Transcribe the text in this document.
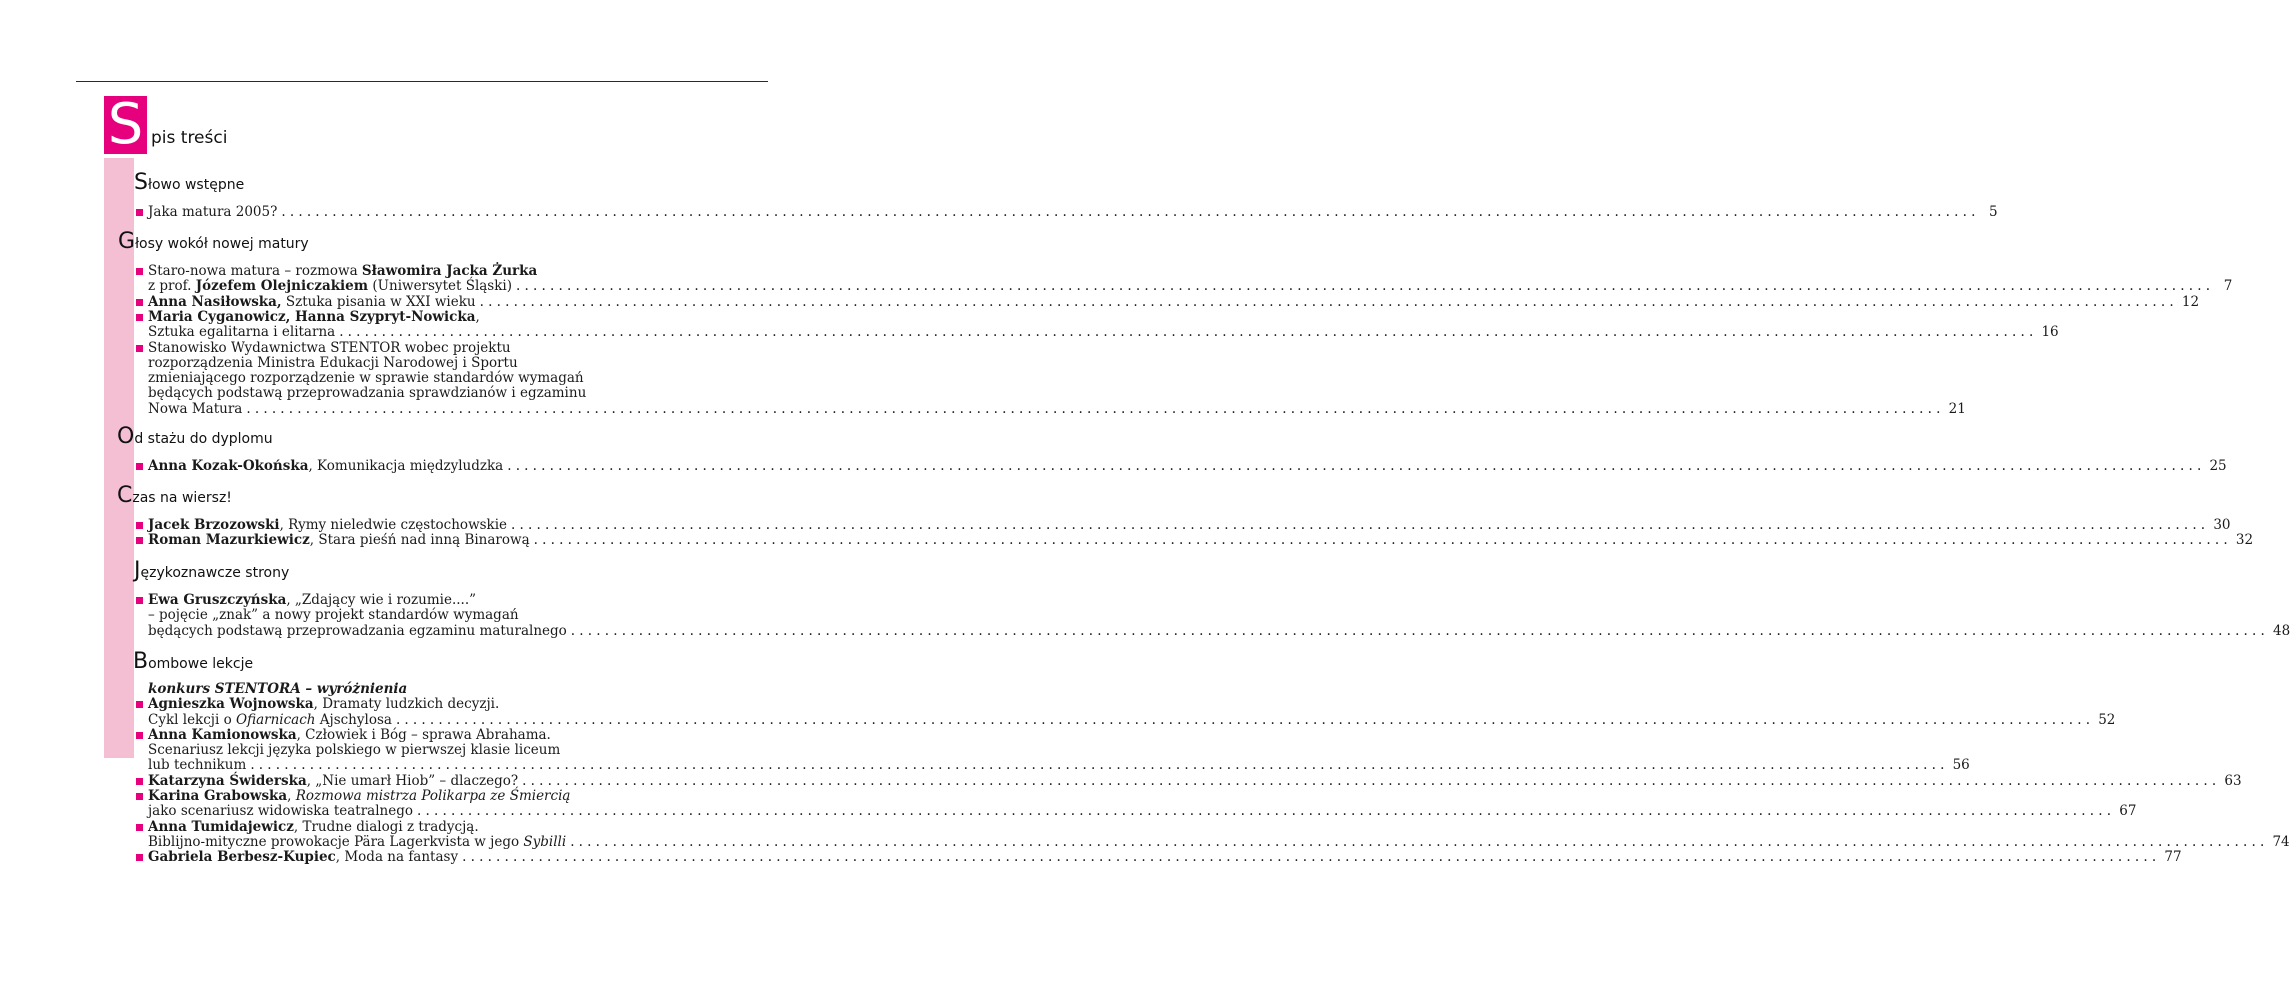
S pis treści
Słowo wstępne
Jaka matura 2005? ........................................................................................................................................................................................................ 5
Głosy wokół nowej matury
Staro-nowa matura – rozmowa Sławomira Jacka Żurka
z prof. Józefem Olejniczakiem (Uniwersytet Śląski) ........................................................................................................................................................................................................ 7
Anna Nasiłowska, Sztuka pisania w XXI wieku ........................................................................................................................................................................................................ 12
Maria Cyganowicz, Hanna Szypryt-Nowicka,
Sztuka egalitarna i elitarna ........................................................................................................................................................................................................ 16
Stanowisko Wydawnictwa STENTOR wobec projektu
rozporządzenia Ministra Edukacji Narodowej i Sportu
zmieniającego rozporządzenie w sprawie standardów wymagań
będących podstawą przeprowadzania sprawdzianów i egzaminu
Nowa Matura ........................................................................................................................................................................................................ 21
Od stażu do dyplomu
Anna Kozak-Okońska, Komunikacja międzyludzka ........................................................................................................................................................................................................ 25
Czas na wiersz!
Jacek Brzozowski, Rymy nieledwie częstochowskie ........................................................................................................................................................................................................ 30
Roman Mazurkiewicz, Stara pieśń nad inną Binarową ........................................................................................................................................................................................................ 32
Językoznawcze strony
Ewa Gruszczyńska, „Zdający wie i rozumie....”
– pojęcie „znak” a nowy projekt standardów wymagań
będących podstawą przeprowadzania egzaminu maturalnego ........................................................................................................................................................................................................ 48
Bombowe lekcje
konkurs STENTORA – wyróżnienia
Agnieszka Wojnowska, Dramaty ludzkich decyzji.
Cykl lekcji o Ofiarnicach Ajschylosa ........................................................................................................................................................................................................ 52
Anna Kamionowska, Człowiek i Bóg – sprawa Abrahama.
Scenariusz lekcji języka polskiego w pierwszej klasie liceum
lub technikum ........................................................................................................................................................................................................ 56
Katarzyna Świderska, „Nie umarł Hiob” – dlaczego? ........................................................................................................................................................................................................ 63
Karina Grabowska, Rozmowa mistrza Polikarpa ze Śmiercią
jako scenariusz widowiska teatralnego ........................................................................................................................................................................................................ 67
Anna Tumidajewicz, Trudne dialogi z tradycją.
Biblijno-mityczne prowokacje Pära Lagerkvista w jego Sybilli ........................................................................................................................................................................................................ 74
Gabriela Berbesz-Kupiec, Moda na fantasy ........................................................................................................................................................................................................ 77
